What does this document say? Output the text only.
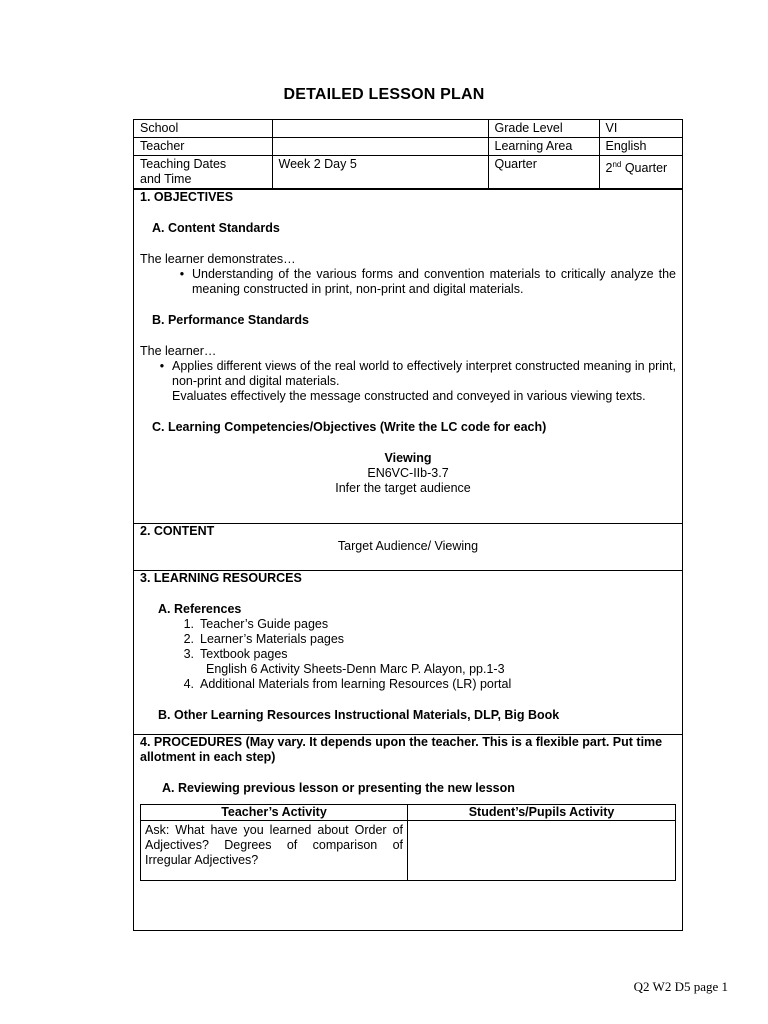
DETAILED LESSON PLAN
School		Grade Level	VI
Teacher		Learning Area	English

Teaching Dates
and Time	Week 2 Day 5	Quarter	2nd Quarter
1. OBJECTIVES
A. Content Standards
The learner demonstrates…
• Understanding of the various forms and convention materials to critically analyze the meaning constructed in print, non-print and digital materials.
B. Performance Standards
The learner…
• Applies different views of the real world to effectively interpret constructed meaning in print, non-print and digital materials.
Evaluates effectively the message constructed and conveyed in various viewing texts.
C. Learning Competencies/Objectives (Write the LC code for each)
Viewing
EN6VC-IIb-3.7
Infer the target audience
2. CONTENT
Target Audience/ Viewing
3. LEARNING RESOURCES
A. References
1. Teacher’s Guide pages
2. Learner’s Materials pages
3. Textbook pages
English 6 Activity Sheets-Denn Marc P. Alayon, pp.1-3
4. Additional Materials from learning Resources (LR) portal
B. Other Learning Resources Instructional Materials, DLP, Big Book
4. PROCEDURES (May vary. It depends upon the teacher. This is a flexible part. Put time allotment in each step)
A. Reviewing previous lesson or presenting the new lesson
Teacher’s Activity	Student’s/Pupils Activity
Ask: What have you learned about Order of Adjectives? Degrees of comparison of Irregular Adjectives?	
Q2 W2 D5 page 1
